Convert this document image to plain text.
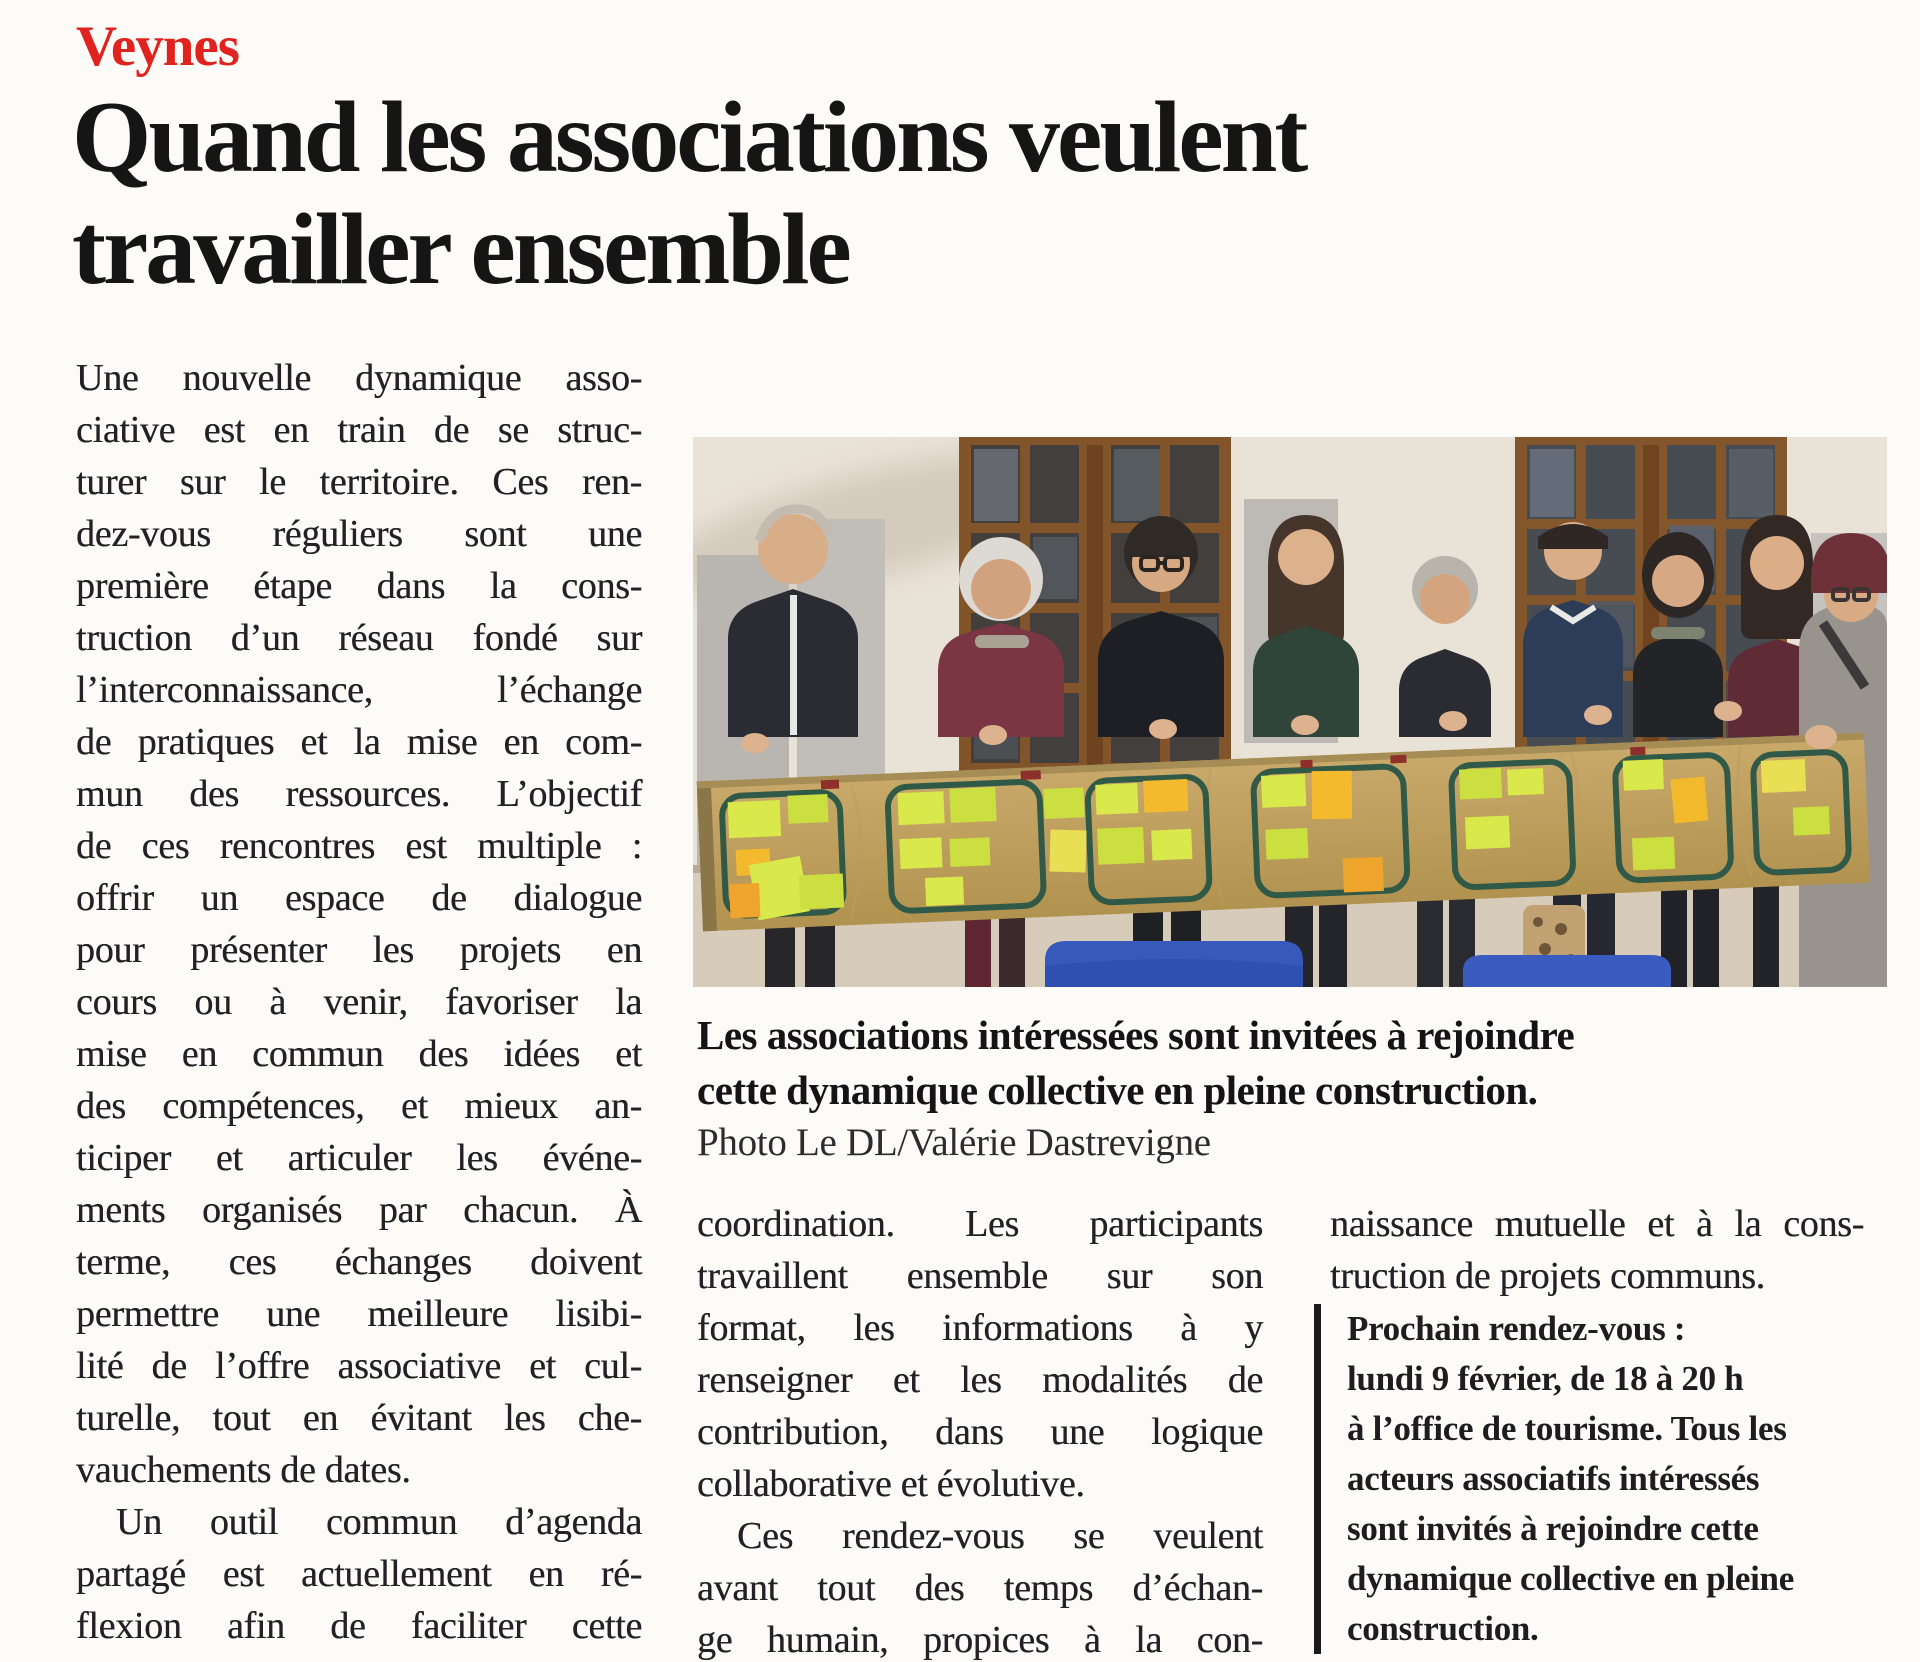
Veynes
Quand les associations veulent
travailler ensemble
Une nouvelle dynamique asso-
ciative est en train de se struc-
turer sur le territoire. Ces ren-
dez-vous réguliers sont une
première étape dans la cons-
truction d’un réseau fondé sur
l’interconnaissance, l’échange
de pratiques et la mise en com-
mun des ressources. L’objectif
de ces rencontres est multiple :
offrir un espace de dialogue
pour présenter les projets en
cours ou à venir, favoriser la
mise en commun des idées et
des compétences, et mieux an-
ticiper et articuler les événe-
ments organisés par chacun. À
terme, ces échanges doivent
permettre une meilleure lisibi-
lité de l’offre associative et cul-
turelle, tout en évitant les che-
vauchements de dates.
Un outil commun d’agenda
partagé est actuellement en ré-
flexion afin de faciliter cette
Les associations intéressées sont invitées à rejoindre
cette dynamique collective en pleine construction.
Photo Le DL/Valérie Dastrevigne
coordination. Les participants
travaillent ensemble sur son
format, les informations à y
renseigner et les modalités de
contribution, dans une logique
collaborative et évolutive.
Ces rendez-vous se veulent
avant tout des temps d’échan-
ge humain, propices à la con-
naissance mutuelle et à la cons-
truction de projets communs.
Prochain rendez-vous :
lundi 9 février, de 18 à 20 h
à l’office de tourisme. Tous les
acteurs associatifs intéressés
sont invités à rejoindre cette
dynamique collective en pleine
construction.
